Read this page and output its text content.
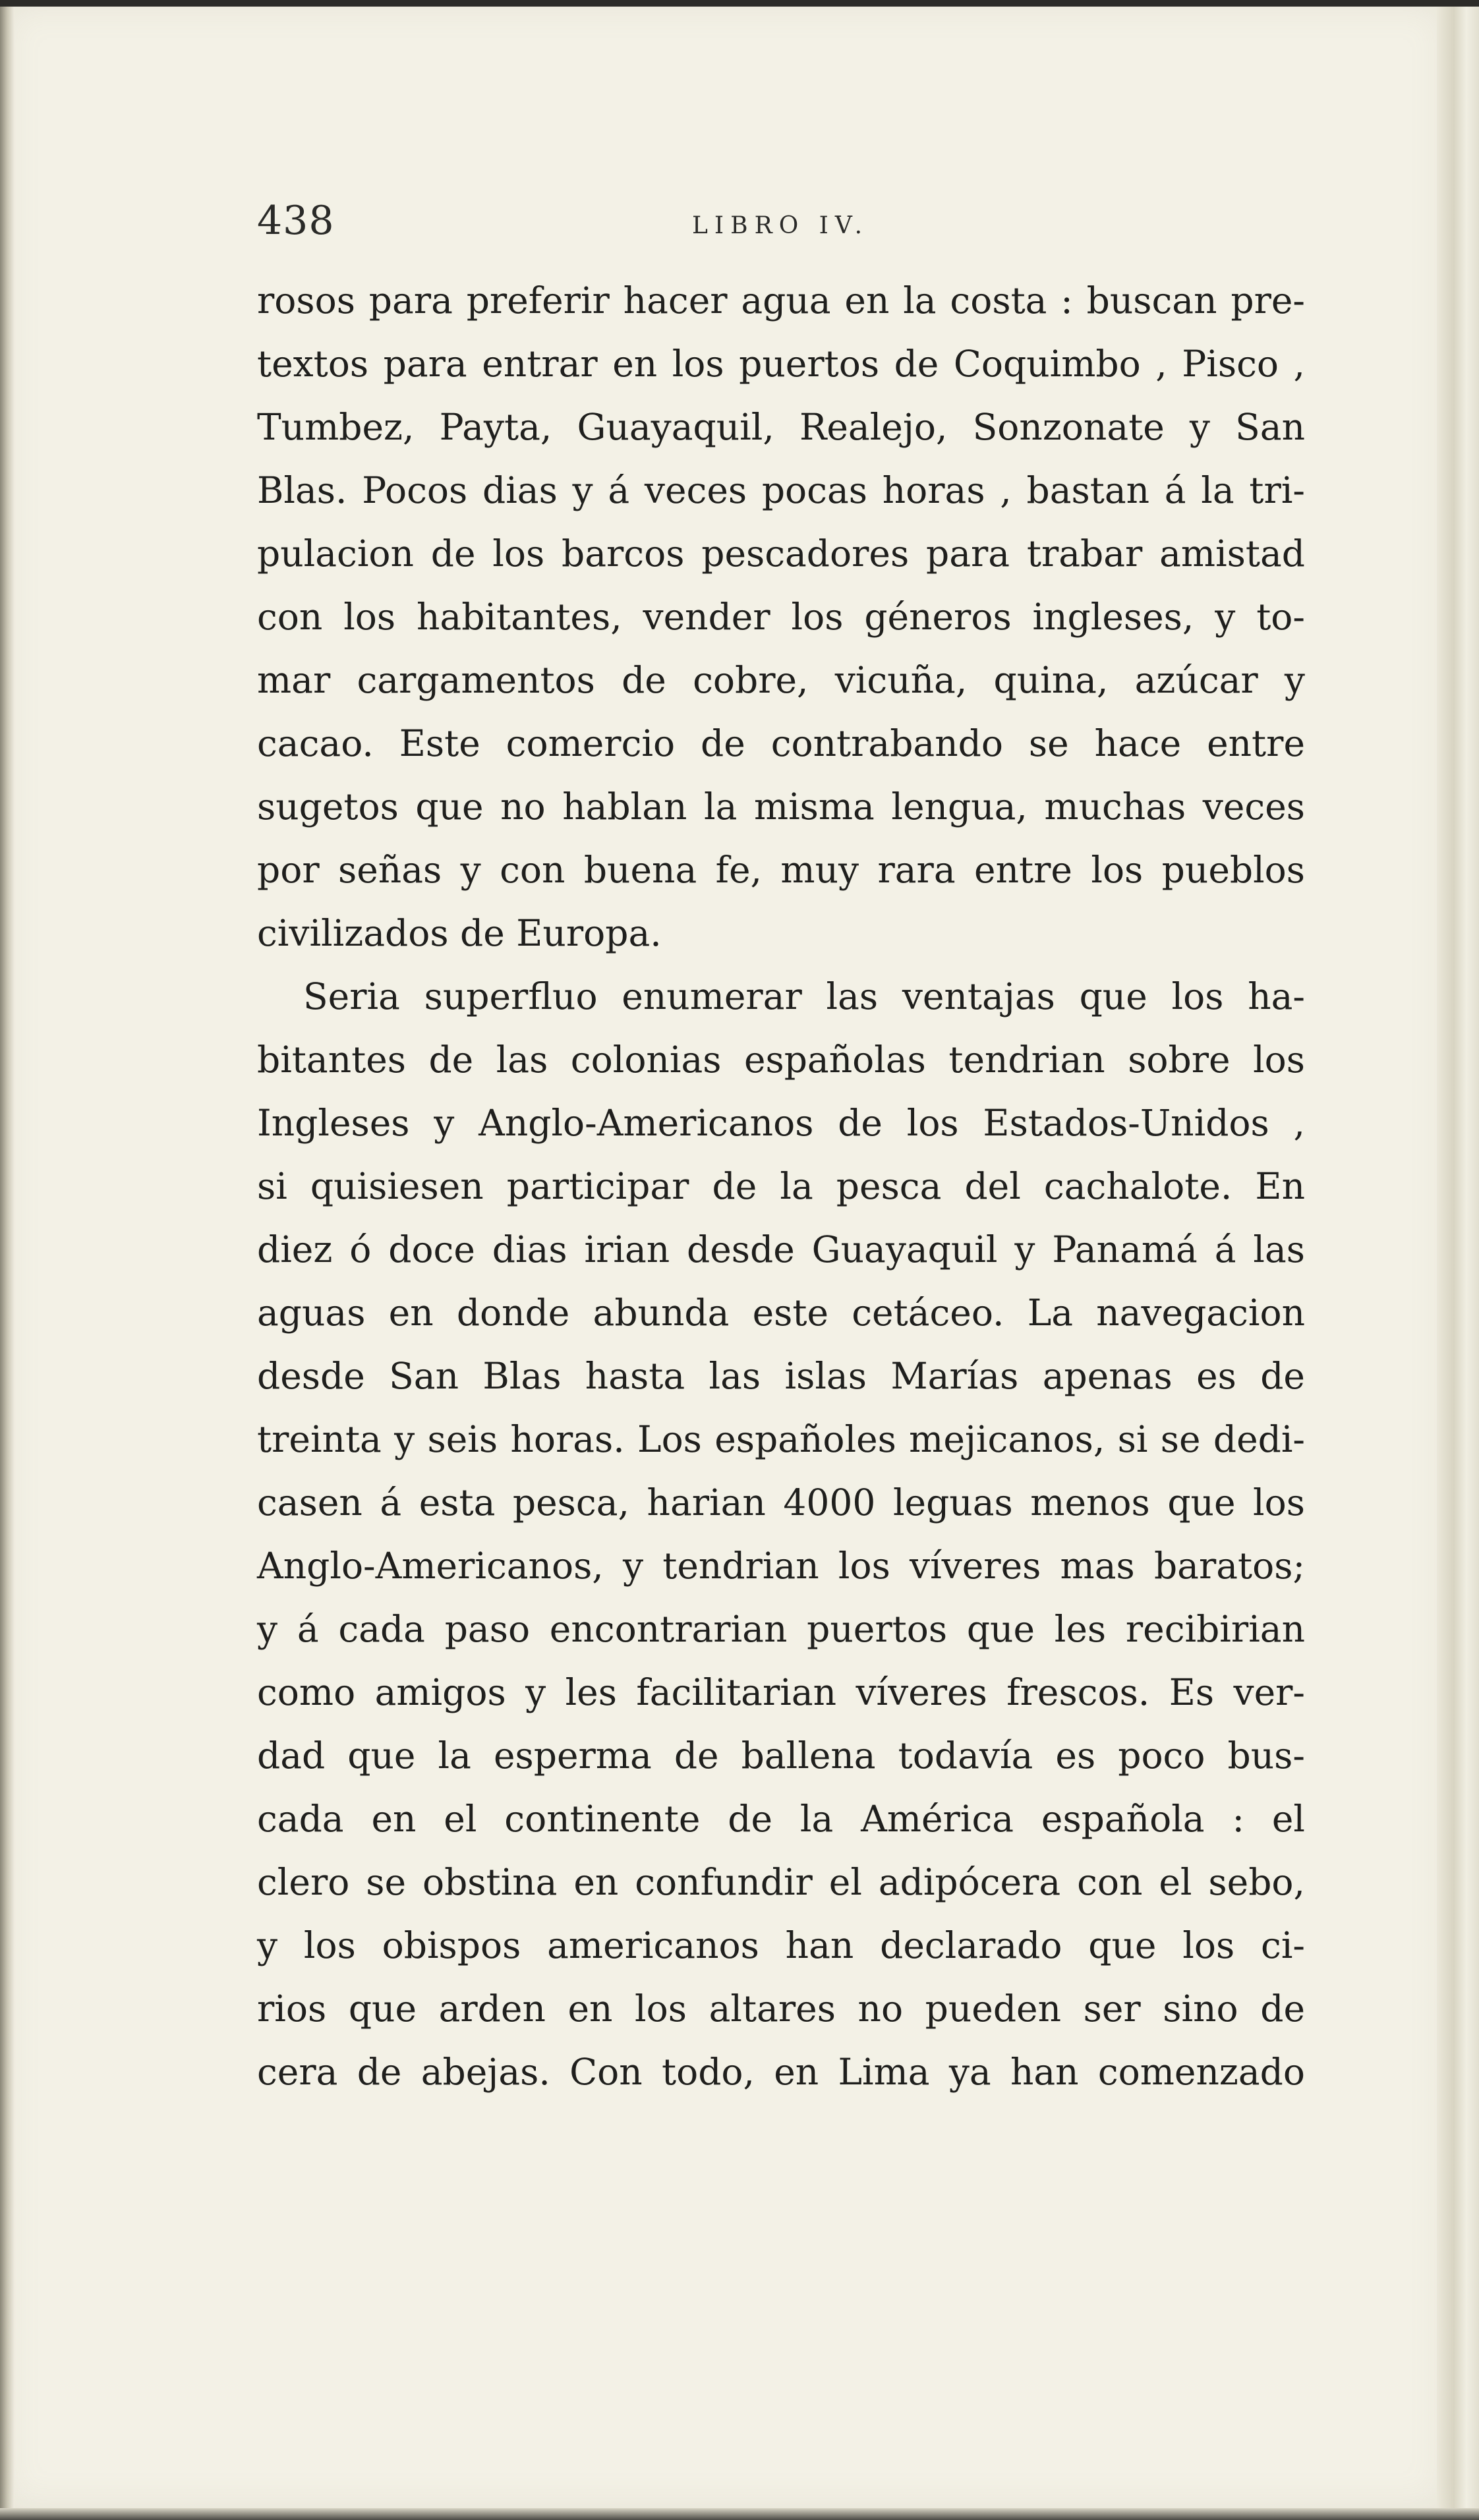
438	LIBRO IV.
rosos para preferir hacer agua en la costa : buscan pre-
textos para entrar en los puertos de Coquimbo , Pisco ,
Tumbez, Payta, Guayaquil, Realejo, Sonzonate y San
Blas. Pocos dias y á veces pocas horas , bastan á la tri-
pulacion de los barcos pescadores para trabar amistad
con los habitantes, vender los géneros ingleses, y to-
mar cargamentos de cobre, vicuña, quina, azúcar y
cacao. Este comercio de contrabando se hace entre
sugetos que no hablan la misma lengua, muchas veces
por señas y con buena fe, muy rara entre los pueblos
civilizados de Europa.
Seria superfluo enumerar las ventajas que los ha-
bitantes de las colonias españolas tendrian sobre los
Ingleses y Anglo-Americanos de los Estados-Unidos ,
si quisiesen participar de la pesca del cachalote. En
diez ó doce dias irian desde Guayaquil y Panamá á las
aguas en donde abunda este cetáceo. La navegacion
desde San Blas hasta las islas Marías apenas es de
treinta y seis horas. Los españoles mejicanos, si se dedi-
casen á esta pesca, harian 4000 leguas menos que los
Anglo-Americanos, y tendrian los víveres mas baratos;
y á cada paso encontrarian puertos que les recibirian
como amigos y les facilitarian víveres frescos. Es ver-
dad que la esperma de ballena todavía es poco bus-
cada en el continente de la América española : el
clero se obstina en confundir el adipócera con el sebo,
y los obispos americanos han declarado que los ci-
rios que arden en los altares no pueden ser sino de
cera de abejas. Con todo, en Lima ya han comenzado
